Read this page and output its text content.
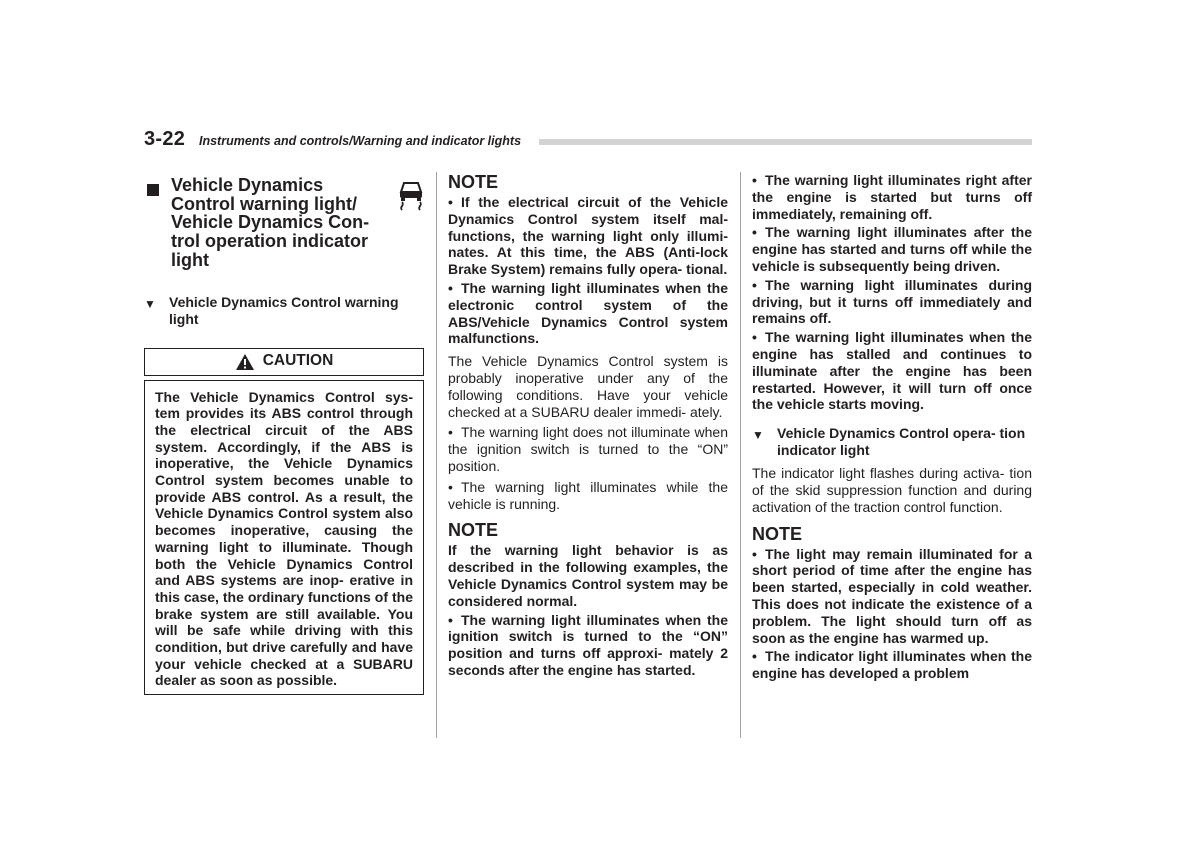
3-22 Instruments and controls/Warning and indicator lights
Vehicle Dynamics Control warning light/ Vehicle Dynamics Con- trol operation indicator light
▼ Vehicle Dynamics Control warning light
CAUTION

The Vehicle Dynamics Control sys- tem provides its ABS control through the electrical circuit of the ABS system. Accordingly, if the ABS is inoperative, the Vehicle Dynamics Control system becomes unable to provide ABS control. As a result, the Vehicle Dynamics Control system also becomes inoperative, causing the warning light to illuminate. Though both the Vehicle Dynamics Control and ABS systems are inop- erative in this case, the ordinary functions of the brake system are still available. You will be safe while driving with this condition, but drive carefully and have your vehicle checked at a SUBARU dealer as soon as possible.

NOTE

• If the electrical circuit of the Vehicle Dynamics Control system itself mal- functions, the warning light only illumi- nates. At this time, the ABS (Anti-lock Brake System) remains fully opera- tional.

• The warning light illuminates when the electronic control system of the ABS/Vehicle Dynamics Control system malfunctions.

The Vehicle Dynamics Control system is probably inoperative under any of the following conditions. Have your vehicle checked at a SUBARU dealer immedi- ately.

• The warning light does not illuminate when the ignition switch is turned to the “ON” position.

• The warning light illuminates while the vehicle is running.

NOTE

If the warning light behavior is as described in the following examples, the Vehicle Dynamics Control system may be considered normal.

• The warning light illuminates when the ignition switch is turned to the “ON” position and turns off approxi- mately 2 seconds after the engine has started.

• The warning light illuminates right after the engine is started but turns off immediately, remaining off.

• The warning light illuminates after the engine has started and turns off while the vehicle is subsequently being driven.

• The warning light illuminates during driving, but it turns off immediately and remains off.

• The warning light illuminates when the engine has stalled and continues to illuminate after the engine has been restarted. However, it will turn off once the vehicle starts moving.

▼ Vehicle Dynamics Control opera- tion indicator light

The indicator light flashes during activa- tion of the skid suppression function and during activation of the traction control function.

NOTE

• The light may remain illuminated for a short period of time after the engine has been started, especially in cold weather. This does not indicate the existence of a problem. The light should turn off as soon as the engine has warmed up.

• The indicator light illuminates when the engine has developed a problem
